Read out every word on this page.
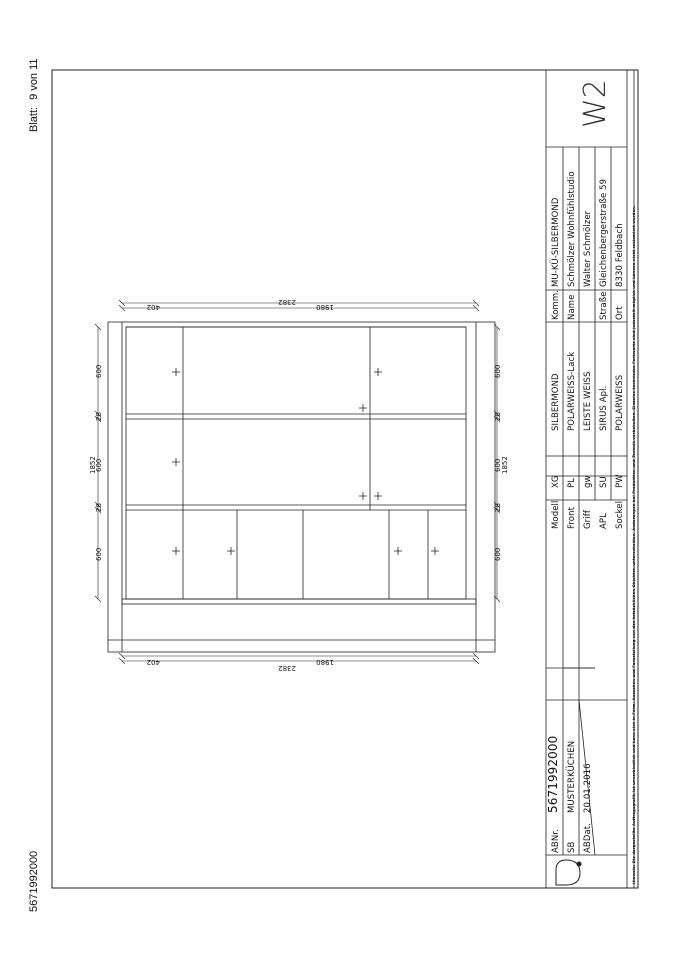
5671992000
Blatt: 9 von 11
2382
1980
402
2382
1980
402
600
28
600
1852
28
600
600
28
600 1852
28
600
W2
ABNr.
5671992000
SB
MUSTERKÜCHEN
ABDat.
20.01.2016
Modell
XG
SILBERMOND
Front
PL
POLARWEISS-Lack
Griff
gw
LEISTE WEISS
APL
SU
SIRUS Apl.
Sockel
PW
POLARWEISS
Komm.
MU-KÜ-SILBERMOND
Name
Schmölzer Wohnfühlstudio Walter Schmölzer
Straße
Gleichenbergerstraße 59
Ort
8330 Feldbach	Hinweis: Die dargestellte Auftragsgrafik ist unverbindlich und kann sich in Form, Aussehen und Farbstellung von den tatsächlichen Objekten unterscheiden. Änderungen bei Produktion und Technik vorbehalten. Einzelne technische Farbwerte sind jederzeit möglich und können nicht reklamiert werden.
